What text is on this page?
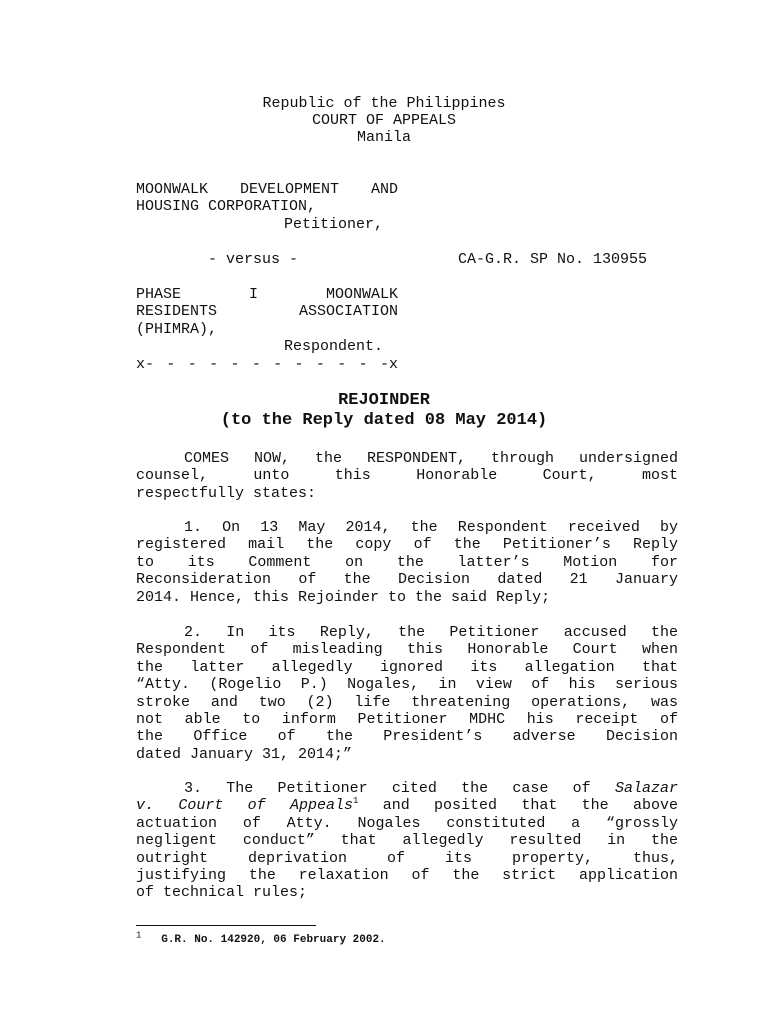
Republic of the Philippines
COURT OF APPEALS
Manila
MOONWALK DEVELOPMENT AND
HOUSING CORPORATION,
Petitioner,
- versus -	CA-G.R. SP No. 130955
PHASE I MOONWALK
RESIDENTS ASSOCIATION
(PHIMRA),
Respondent.
x- - - - - - - - - - - -x
REJOINDER
(to the Reply dated 08 May 2014)
COMES NOW, the RESPONDENT, through undersigned
counsel, unto this Honorable Court, most
respectfully states:
1. On 13 May 2014, the Respondent received by
registered mail the copy of the Petitioner’s Reply
to its Comment on the latter’s Motion for
Reconsideration of the Decision dated 21 January
2014. Hence, this Rejoinder to the said Reply;
2. In its Reply, the Petitioner accused the
Respondent of misleading this Honorable Court when
the latter allegedly ignored its allegation that
“Atty. (Rogelio P.) Nogales, in view of his serious
stroke and two (2) life threatening operations, was
not able to inform Petitioner MDHC his receipt of
the Office of the President’s adverse Decision
dated January 31, 2014;”
3. The Petitioner cited the case of Salazar
v. Court of Appeals$^1$ and posited that the above
actuation of Atty. Nogales constituted a “grossly
negligent conduct” that allegedly resulted in the
outright deprivation of its property, thus,
justifying the relaxation of the strict application
of technical rules;
$^1$ G.R. No. 142920, 06 February 2002.
